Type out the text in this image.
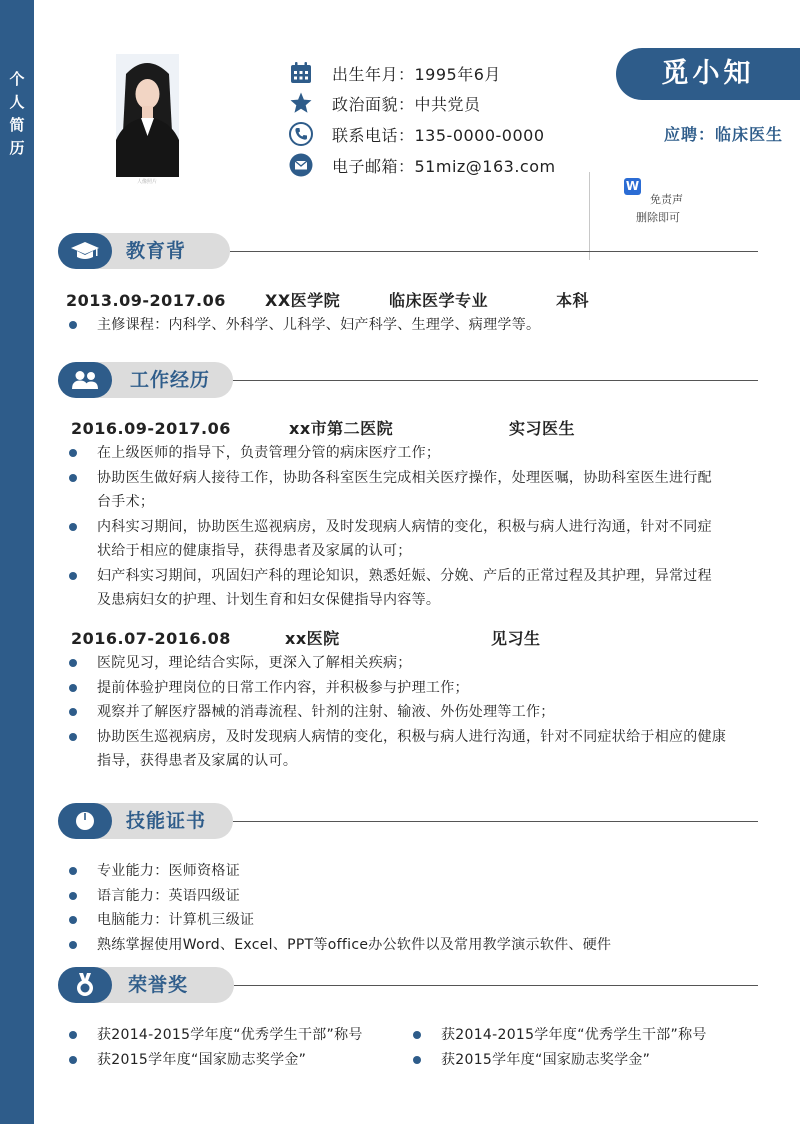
个
人
简
历
人像照片
出生年月：1995年6月
政治面貌：中共党员
联系电话：135-0000-0000
电子邮箱：51miz@163.com
觅小知
应聘：临床医生
W
免责声
删除即可
教育背
2013.09-2017.06 XX医学院	临床医学专业	本科
主修课程：内科学、外科学、儿科学、妇产科学、生理学、病理学等。
工作经历
2016.09-2017.06	xx市第二医院	实习医生
在上级医师的指导下，负责管理分管的病床医疗工作；
协助医生做好病人接待工作，协助各科室医生完成相关医疗操作，处理医嘱，协助科室医生进行配台手术；
内科实习期间，协助医生巡视病房，及时发现病人病情的变化，积极与病人进行沟通，针对不同症状给于相应的健康指导，获得患者及家属的认可；
妇产科实习期间，巩固妇产科的理论知识，熟悉妊娠、分娩、产后的正常过程及其护理，异常过程及患病妇女的护理、计划生育和妇女保健指导内容等。
2016.07-2016.08	xx医院	见习生
医院见习，理论结合实际，更深入了解相关疾病；
提前体验护理岗位的日常工作内容，并积极参与护理工作；
观察并了解医疗器械的消毒流程、针剂的注射、输液、外伤处理等工作；
协助医生巡视病房，及时发现病人病情的变化，积极与病人进行沟通，针对不同症状给于相应的健康指导，获得患者及家属的认可。
技能证书
专业能力：医师资格证
语言能力：英语四级证
电脑能力：计算机三级证
熟练掌握使用Word、Excel、PPT等office办公软件以及常用教学演示软件、硬件
荣誉奖
获2014-2015学年度“优秀学生干部”称号
获2015学年度“国家励志奖学金”
获2014-2015学年度“优秀学生干部”称号
获2015学年度“国家励志奖学金”
